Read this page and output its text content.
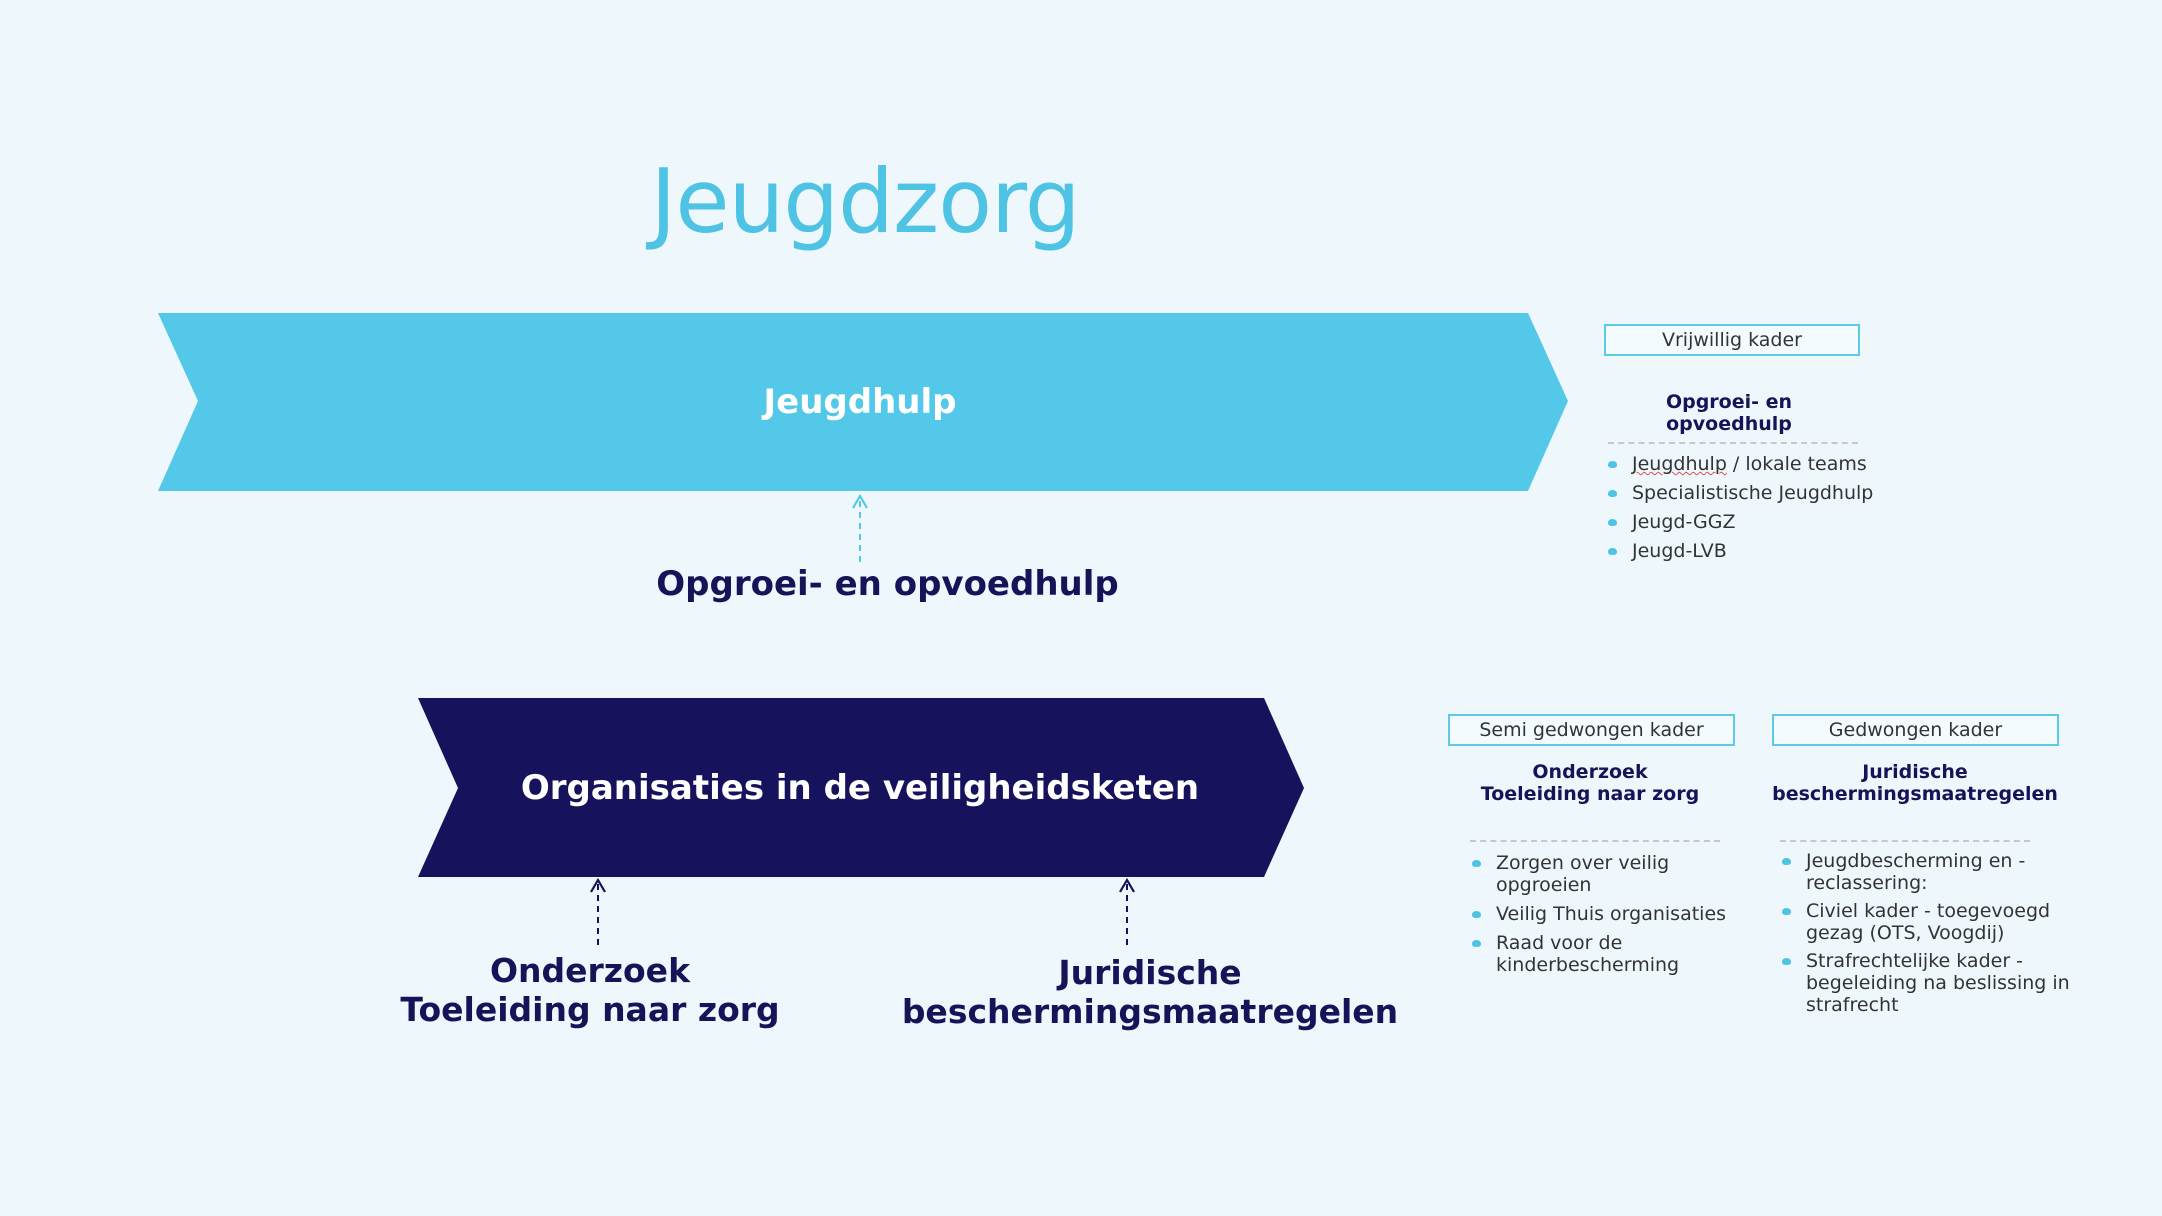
Jeugdzorg
Jeugdhulp
Organisaties in de veiligheidsketen
Opgroei- en opvoedhulp
Onderzoek
Toeleiding naar zorg
Juridische
beschermingsmaatregelen
Vrijwillig kader
Opgroei- en opvoedhulp
Jeugdhulp / lokale teams
Specialistische Jeugdhulp
Jeugd-GGZ
Jeugd-LVB
Semi gedwongen kader
Onderzoek
Toeleiding naar zorg
Zorgen over veilig opgroeien
Veilig Thuis organisaties
Raad voor de kinderbescherming
Gedwongen kader
Juridische
beschermingsmaatregelen
Jeugdbescherming en - reclassering:
Civiel kader - toegevoegd gezag (OTS, Voogdij)
Strafrechtelijke kader - begeleiding na beslissing in strafrecht
